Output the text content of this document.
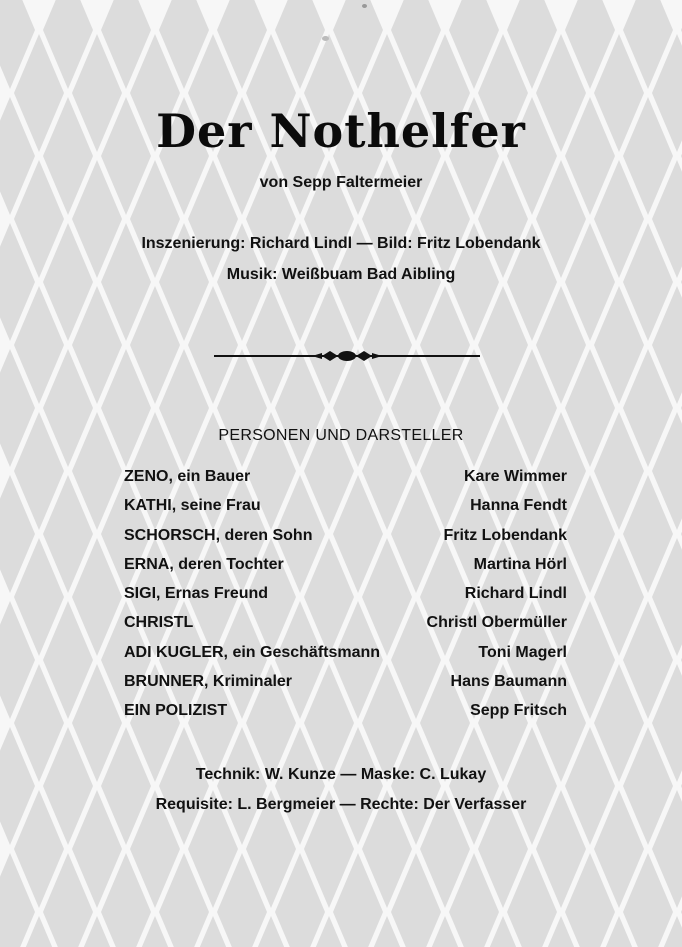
Der Nothelfer
von Sepp Faltermeier
Inszenierung: Richard Lindl — Bild: Fritz Lobendank
Musik: Weißbuam Bad Aibling
PERSONEN UND DARSTELLER
ZENO, ein Bauer	Kare Wimmer
KATHI, seine Frau	Hanna Fendt
SCHORSCH, deren Sohn	Fritz Lobendank
ERNA, deren Tochter	Martina Hörl
SIGI, Ernas Freund	Richard Lindl
CHRISTL	Christl Obermüller
ADI KUGLER, ein Geschäftsmann	Toni Magerl
BRUNNER, Kriminaler	Hans Baumann
EIN POLIZIST	Sepp Fritsch
Technik: W. Kunze — Maske: C. Lukay
Requisite: L. Bergmeier — Rechte: Der Verfasser
